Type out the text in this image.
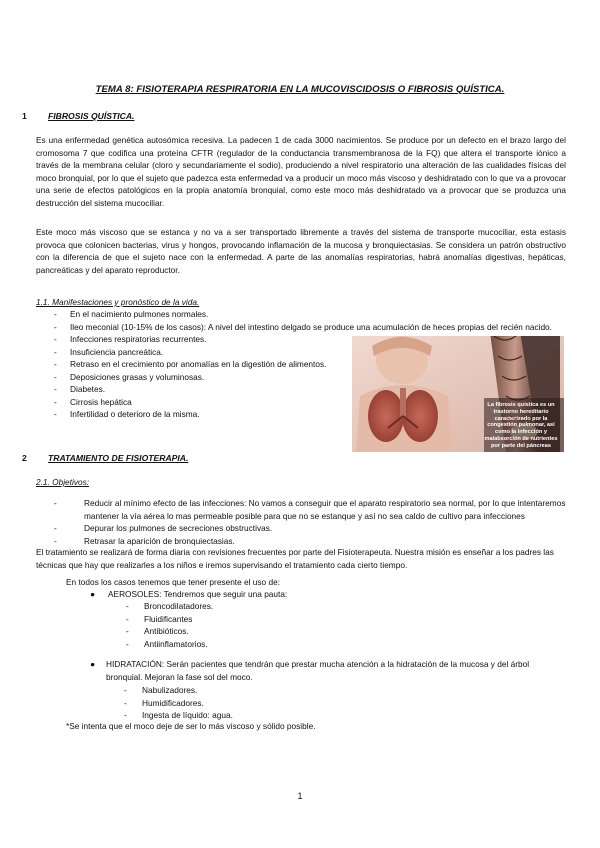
TEMA 8: FISIOTERAPIA RESPIRATORIA EN LA MUCOVISCIDOSIS O FIBROSIS QUÍSTICA.
1 FIBROSIS QUÍSTICA.
Es una enfermedad genética autosómica recesiva. La padecen 1 de cada 3000 nacimientos. Se produce por un defecto en el brazo largo del cromosoma 7 que codifica una proteína CFTR (regulador de la conductancia transmembranosa de la FQ) que altera el transporte iónico a través de la membrana celular (cloro y secundariamente el sodio), produciendo a nivel respiratorio una alteración de las cualidades físicas del moco bronquial, por lo que el sujeto que padezca esta enfermedad va a producir un moco más viscoso y deshidratado con lo que va a provocar una serie de efectos patológicos en la propia anatomía bronquial, como este moco más deshidratado va a provocar que se produzca una destrucción del sistema mucociliar.
Este moco más viscoso que se estanca y no va a ser transportado libremente a través del sistema de transporte mucociliar, esta estasis provoca que colonicen bacterias, virus y hongos, provocando inflamación de la mucosa y bronquiectasias. Se considera un patrón obstructivo con la diferencia de que el sujeto nace con la enfermedad. A parte de las anomalías respiratorias, habrá anomalías digestivas, hepáticas, pancreáticas y del aparato reproductor.
1.1. Manifestaciones y pronóstico de la vida.
- En el nacimiento pulmones normales.
- Ileo meconial (10-15% de los casos): A nivel del intestino delgado se produce una acumulación de heces propias del recién nacido.
- Infecciones respiratorias recurrentes.
- Insuficiencia pancreática.
- Retraso en el crecimiento por anomalías en la digestión de alimentos.
- Deposiciones grasas y voluminosas.
- Diabetes.
- Cirrosis hepática
- Infertilidad o deterioro de la misma.
La fibrosis quística es un trastorno hereditario caracterizado por la congestión pulmonar, así como la infección y malabsorción de nutrientes por parte del páncreas
2 TRATAMIENTO DE FISIOTERAPIA.
2.1. Objetivos:
- Reducir al mínimo efecto de las infecciones: No vamos a conseguir que el aparato respiratorio sea normal, por lo que intentaremos mantener la vía aérea lo mas permeable posible para que no se estanque y así no sea caldo de cultivo para infecciones
- Depurar los pulmones de secreciones obstructivas.
- Retrasar la aparición de bronquiectasias.
El tratamiento se realizará de forma diaria con revisiones frecuentes por parte del Fisioterapeuta. Nuestra misión es enseñar a los padres las técnicas que hay que realizarles a los niños e iremos supervisando el tratamiento cada cierto tiempo.
En todos los casos tenemos que tener presente el uso de:
● AEROSOLES: Tendremos que seguir una pauta:
- Broncodilatadores.
- Fluidificantes
- Antibióticos.
- Antiinflamatorios.
● HIDRATACIÓN: Serán pacientes que tendrán que prestar mucha atención a la hidratación de la mucosa y del árbol bronquial. Mejoran la fase sol del moco.
- Nabulizadores.
- Humidificadores.
- Ingesta de líquido: agua.
*Se intenta que el moco deje de ser lo más viscoso y sólido posible.
1
